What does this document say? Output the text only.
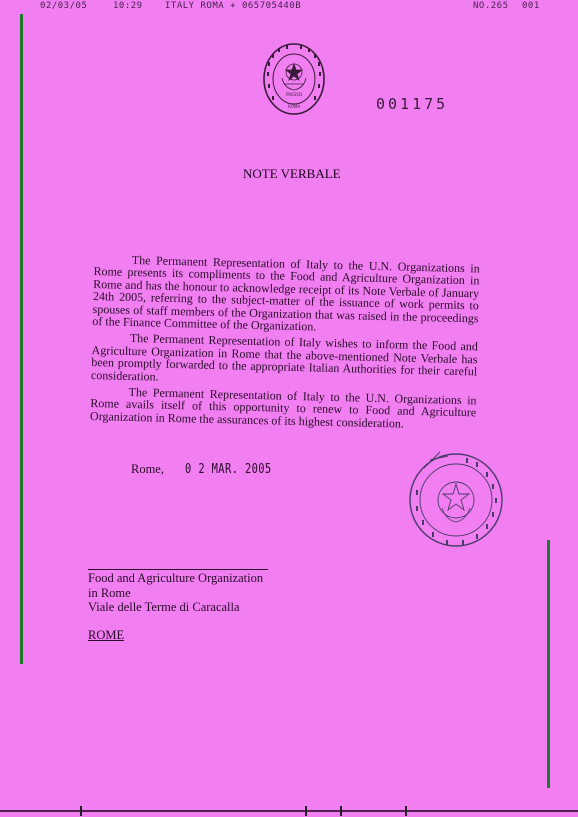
02/03/05	10:29 ITALY ROMA + 065705440B	NO.265 001
PRESSO
ROMA	001175
NOTE VERBALE

The Permanent Representation of Italy to the U.N. Organizations in Rome presents its compliments to the Food and Agriculture Organization in Rome and has the honour to acknowledge receipt of its Note Verbale of January 24th 2005, referring to the subject-matter of the issuance of work permits to spouses of staff members of the Organization that was raised in the proceedings of the Finance Committee of the Organization.

The Permanent Representation of Italy wishes to inform the Food and Agriculture Organization in Rome that the above-mentioned Note Verbale has been promptly forwarded to the appropriate Italian Authorities for their careful consideration.

The Permanent Representation of Italy to the U.N. Organizations in Rome avails itself of this opportunity to renew to Food and Agriculture Organization in Rome the assurances of its highest consideration.

Rome, 0 2 MAR. 2005
Food and Agriculture Organization
in Rome
Viale delle Terme di Caracalla
ROME
